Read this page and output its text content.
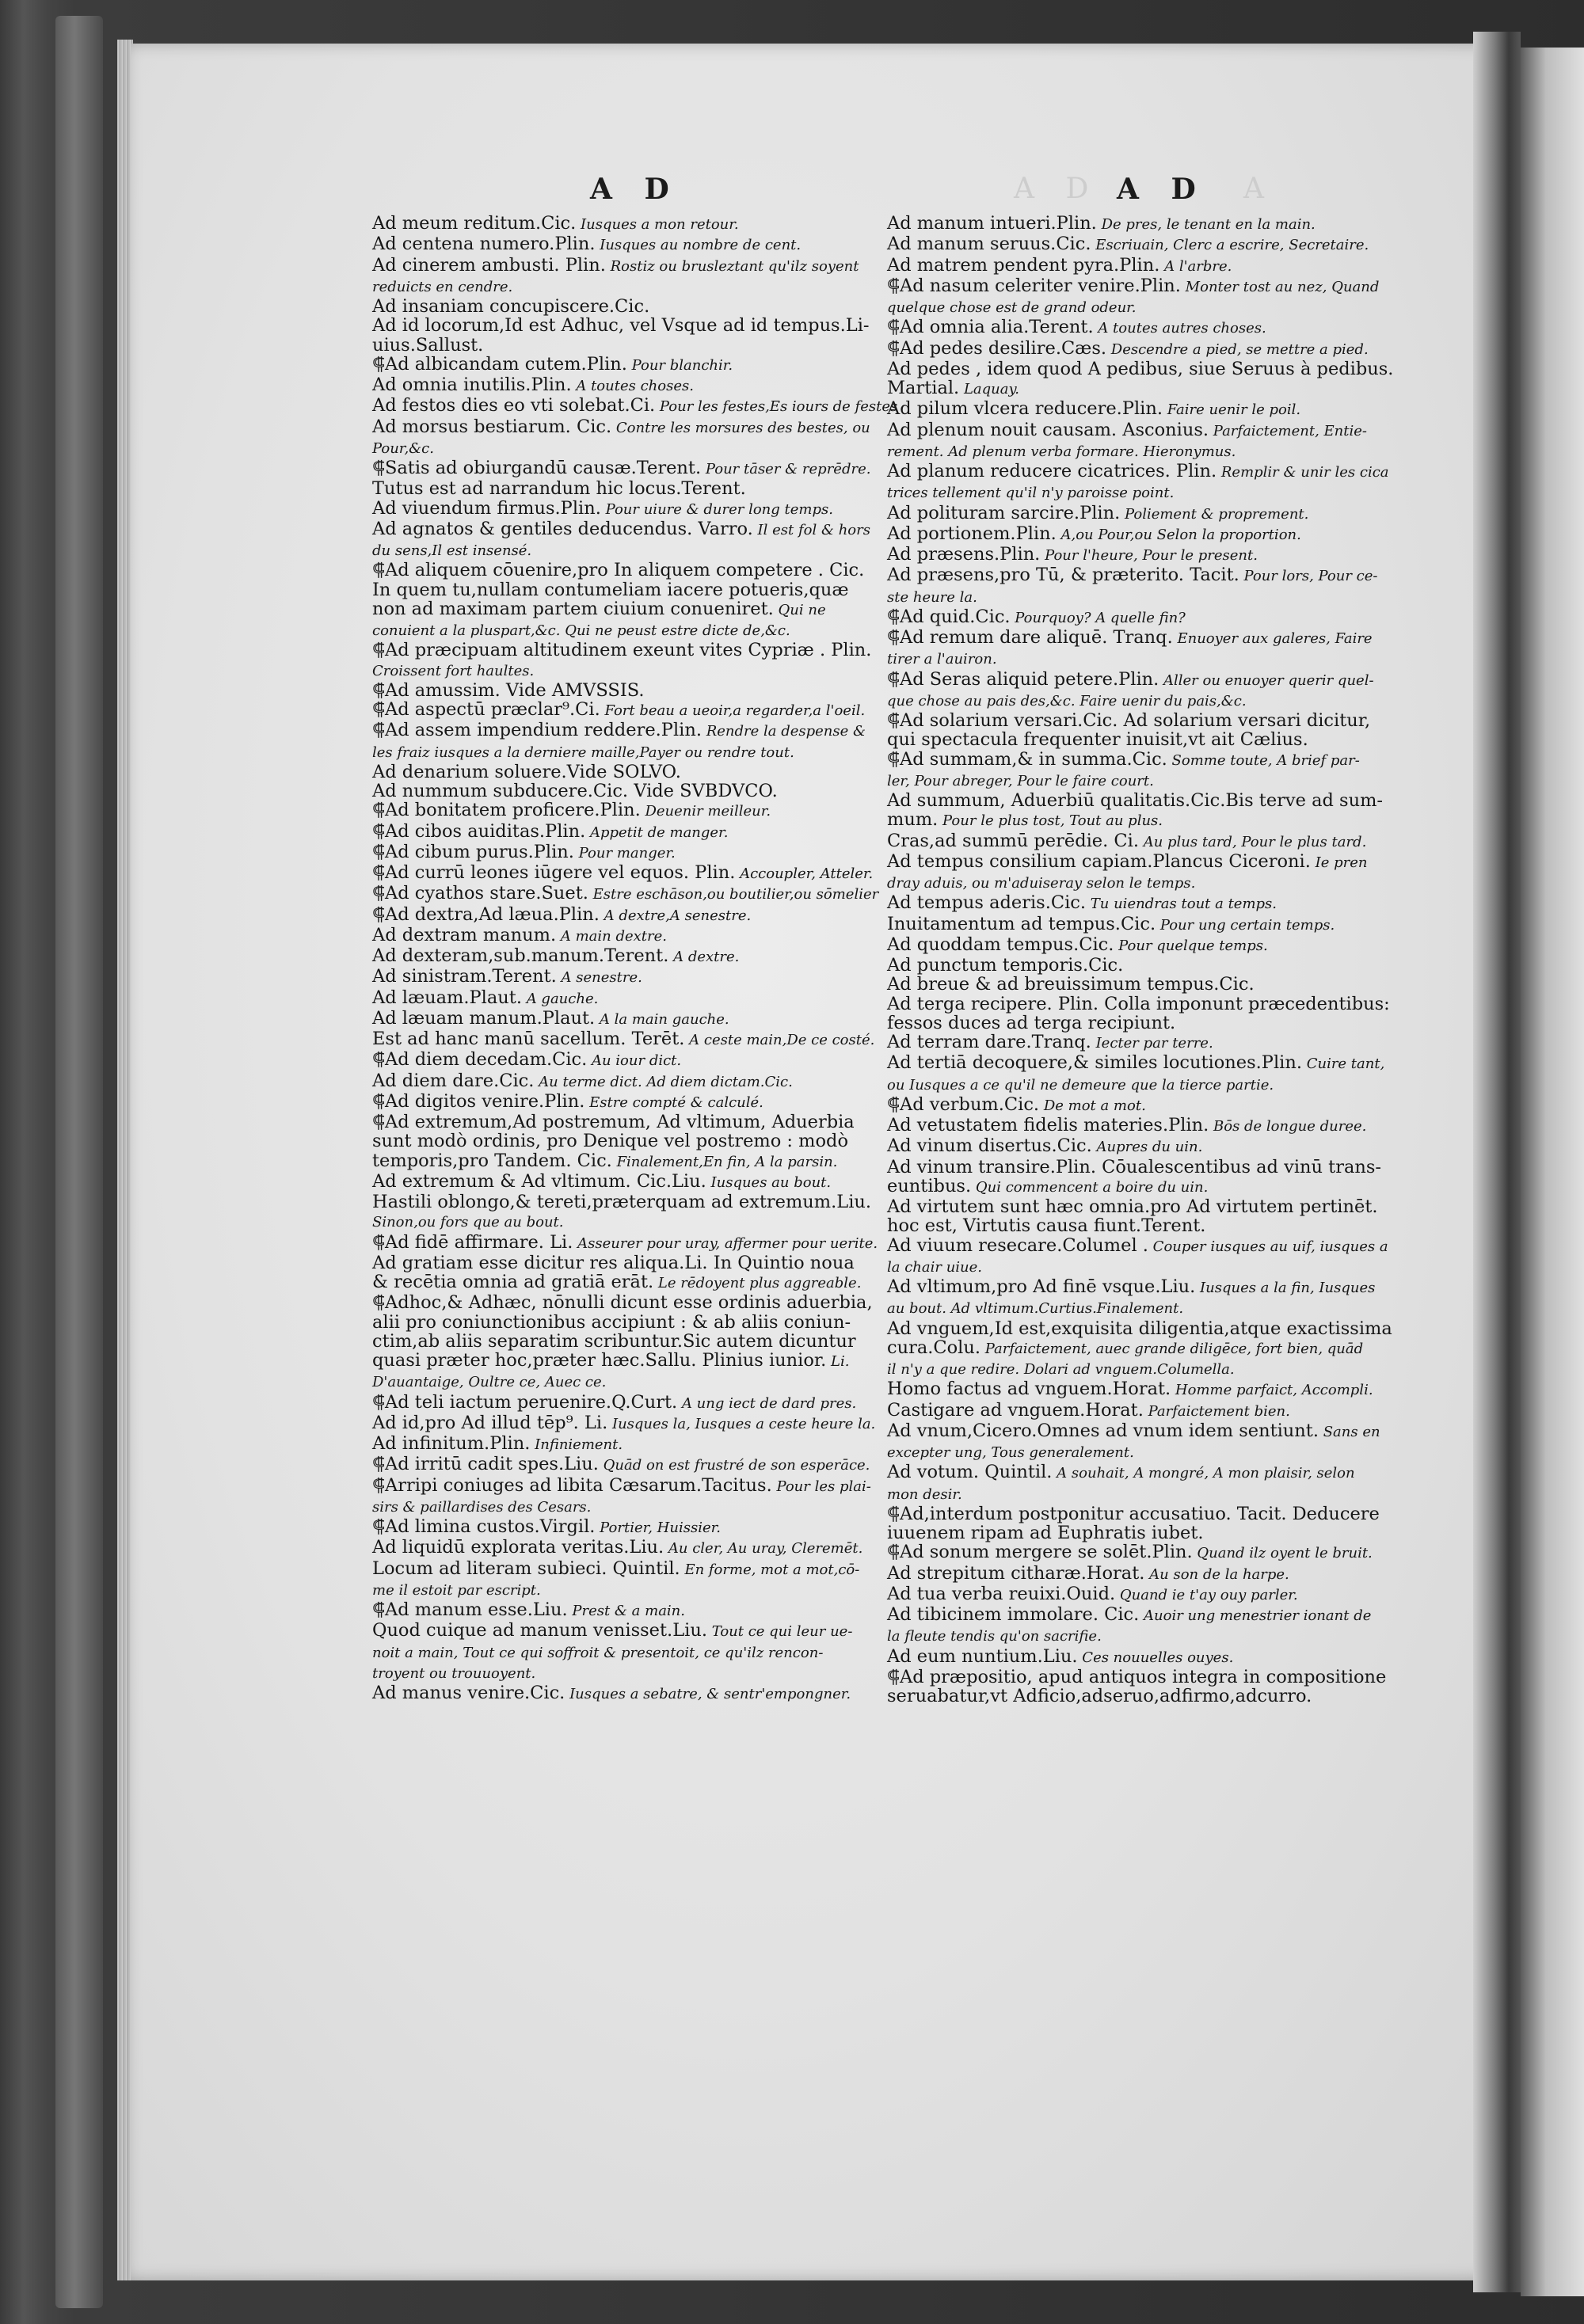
A D	A
A D	A D
Ad meum reditum.Cic. Iusques a mon retour.
Ad centena numero.Plin. Iusques au nombre de cent.
Ad cinerem ambusti. Plin. Rostiz ou brusleztant qu'ilz soyent
reduicts en cendre.
Ad insaniam concupiscere.Cic.
Ad id locorum,Id est Adhuc, vel Vsque ad id tempus.Li-
uius.Sallust.
⸿Ad albicandam cutem.Plin. Pour blanchir.
Ad omnia inutilis.Plin. A toutes choses.
Ad festos dies eo vti solebat.Ci. Pour les festes,Es iours de festes
Ad morsus bestiarum. Cic. Contre les morsures des bestes, ou
Pour,&c.
⸿Satis ad obiurgandū causæ.Terent. Pour tāser & reprēdre.
Tutus est ad narrandum hic locus.Terent.
Ad viuendum firmus.Plin. Pour uiure & durer long temps.
Ad agnatos & gentiles deducendus. Varro. Il est fol & hors
du sens,Il est insensé.
⸿Ad aliquem cōuenire,pro In aliquem competere . Cic.
In quem tu,nullam contumeliam iacere potueris,quæ
non ad maximam partem ciuium conueniret. Qui ne
conuient a la pluspart,&c. Qui ne peust estre dicte de,&c.
⸿Ad præcipuam altitudinem exeunt vites Cypriæ . Plin.
Croissent fort haultes.
⸿Ad amussim. Vide AMVSSIS.
⸿Ad aspectū præclar⁹.Ci. Fort beau a ueoir,a regarder,a l'oeil.
⸿Ad assem impendium reddere.Plin. Rendre la despense &
les fraiz iusques a la derniere maille,Payer ou rendre tout.
Ad denarium soluere.Vide SOLVO.
Ad nummum subducere.Cic. Vide SVBDVCO.
⸿Ad bonitatem proficere.Plin. Deuenir meilleur.
⸿Ad cibos auiditas.Plin. Appetit de manger.
⸿Ad cibum purus.Plin. Pour manger.
⸿Ad currū leones iūgere vel equos. Plin. Accoupler, Atteler.
⸿Ad cyathos stare.Suet. Estre eschāson,ou boutilier,ou sōmelier
⸿Ad dextra,Ad læua.Plin. A dextre,A senestre.
Ad dextram manum. A main dextre.
Ad dexteram,sub.manum.Terent. A dextre.
Ad sinistram.Terent. A senestre.
Ad læuam.Plaut. A gauche.
Ad læuam manum.Plaut. A la main gauche.
Est ad hanc manū sacellum. Terēt. A ceste main,De ce costé.
⸿Ad diem decedam.Cic. Au iour dict.
Ad diem dare.Cic. Au terme dict. Ad diem dictam.Cic.
⸿Ad digitos venire.Plin. Estre compté & calculé.
⸿Ad extremum,Ad postremum, Ad vltimum, Aduerbia
sunt modò ordinis, pro Denique vel postremo : modò
temporis,pro Tandem. Cic. Finalement,En fin, A la parsin.
Ad extremum & Ad vltimum. Cic.Liu. Iusques au bout.
Hastili oblongo,& tereti,præterquam ad extremum.Liu.
Sinon,ou fors que au bout.
⸿Ad fidē affirmare. Li. Asseurer pour uray, affermer pour uerite.
Ad gratiam esse dicitur res aliqua.Li. In Quintio noua
& recētia omnia ad gratiā erāt. Le rēdoyent plus aggreable.
⸿Adhoc,& Adhæc, nōnulli dicunt esse ordinis aduerbia,
alii pro coniunctionibus accipiunt : & ab aliis coniun-
ctim,ab aliis separatim scribuntur.Sic autem dicuntur
quasi præter hoc,præter hæc.Sallu. Plinius iunior. Li.
D'auantaige, Oultre ce, Auec ce.
⸿Ad teli iactum peruenire.Q.Curt. A ung iect de dard pres.
Ad id,pro Ad illud tēp⁹. Li. Iusques la, Iusques a ceste heure la.
Ad infinitum.Plin. Infiniement.
⸿Ad irritū cadit spes.Liu. Quād on est frustré de son esperāce.
⸿Arripi coniuges ad libita Cæsarum.Tacitus. Pour les plai-
sirs & paillardises des Cesars.
⸿Ad limina custos.Virgil. Portier, Huissier.
Ad liquidū explorata veritas.Liu. Au cler, Au uray, Cleremēt.
Locum ad literam subieci. Quintil. En forme, mot a mot,cō-
me il estoit par escript.
⸿Ad manum esse.Liu. Prest & a main.
Quod cuique ad manum venisset.Liu. Tout ce qui leur ue-
noit a main, Tout ce qui soffroit & presentoit, ce qu'ilz rencon-
troyent ou trouuoyent.
Ad manus venire.Cic. Iusques a sebatre, & sentr'empongner.
Ad manum intueri.Plin. De pres, le tenant en la main.
Ad manum seruus.Cic. Escriuain, Clerc a escrire, Secretaire.
Ad matrem pendent pyra.Plin. A l'arbre.
⸿Ad nasum celeriter venire.Plin. Monter tost au nez, Quand
quelque chose est de grand odeur.
⸿Ad omnia alia.Terent. A toutes autres choses.
⸿Ad pedes desilire.Cæs. Descendre a pied, se mettre a pied.
Ad pedes , idem quod A pedibus, siue Seruus à pedibus.
Martial. Laquay.
Ad pilum vlcera reducere.Plin. Faire uenir le poil.
Ad plenum nouit causam. Asconius. Parfaictement, Entie-
rement. Ad plenum verba formare. Hieronymus.
Ad planum reducere cicatrices. Plin. Remplir & unir les cica
trices tellement qu'il n'y paroisse point.
Ad polituram sarcire.Plin. Poliement & proprement.
Ad portionem.Plin. A,ou Pour,ou Selon la proportion.
Ad præsens.Plin. Pour l'heure, Pour le present.
Ad præsens,pro Tū, & præterito. Tacit. Pour lors, Pour ce-
ste heure la.
⸿Ad quid.Cic. Pourquoy? A quelle fin?
⸿Ad remum dare aliquē. Tranq. Enuoyer aux galeres, Faire
tirer a l'auiron.
⸿Ad Seras aliquid petere.Plin. Aller ou enuoyer querir quel-
que chose au pais des,&c. Faire uenir du pais,&c.
⸿Ad solarium versari.Cic. Ad solarium versari dicitur,
qui spectacula frequenter inuisit,vt ait Cælius.
⸿Ad summam,& in summa.Cic. Somme toute, A brief par-
ler, Pour abreger, Pour le faire court.
Ad summum, Aduerbiū qualitatis.Cic.Bis terve ad sum-
mum. Pour le plus tost, Tout au plus.
Cras,ad summū perēdie. Ci. Au plus tard, Pour le plus tard.
Ad tempus consilium capiam.Plancus Ciceroni. Ie pren
dray aduis, ou m'aduiseray selon le temps.
Ad tempus aderis.Cic. Tu uiendras tout a temps.
Inuitamentum ad tempus.Cic. Pour ung certain temps.
Ad quoddam tempus.Cic. Pour quelque temps.
Ad punctum temporis.Cic.
Ad breue & ad breuissimum tempus.Cic.
Ad terga recipere. Plin. Colla imponunt præcedentibus:
fessos duces ad terga recipiunt.
Ad terram dare.Tranq. Iecter par terre.
Ad tertiā decoquere,& similes locutiones.Plin. Cuire tant,
ou Iusques a ce qu'il ne demeure que la tierce partie.
⸿Ad verbum.Cic. De mot a mot.
Ad vetustatem fidelis materies.Plin. Bōs de longue duree.
Ad vinum disertus.Cic. Aupres du uin.
Ad vinum transire.Plin. Cōualescentibus ad vinū trans-
euntibus. Qui commencent a boire du uin.
Ad virtutem sunt hæc omnia.pro Ad virtutem pertinēt.
hoc est, Virtutis causa fiunt.Terent.
Ad viuum resecare.Columel . Couper iusques au uif, iusques a
la chair uiue.
Ad vltimum,pro Ad finē vsque.Liu. Iusques a la fin, Iusques
au bout. Ad vltimum.Curtius.Finalement.
Ad vnguem,Id est,exquisita diligentia,atque exactissima
cura.Colu. Parfaictement, auec grande diligēce, fort bien, quād
il n'y a que redire. Dolari ad vnguem.Columella.
Homo factus ad vnguem.Horat. Homme parfaict, Accompli.
Castigare ad vnguem.Horat. Parfaictement bien.
Ad vnum,Cicero.Omnes ad vnum idem sentiunt. Sans en
excepter ung, Tous generalement.
Ad votum. Quintil. A souhait, A mongré, A mon plaisir, selon
mon desir.
⸿Ad,interdum postponitur accusatiuo. Tacit. Deducere
iuuenem ripam ad Euphratis iubet.
⸿Ad sonum mergere se solēt.Plin. Quand ilz oyent le bruit.
Ad strepitum citharæ.Horat. Au son de la harpe.
Ad tua verba reuixi.Ouid. Quand ie t'ay ouy parler.
Ad tibicinem immolare. Cic. Auoir ung menestrier ionant de
la fleute tendis qu'on sacrifie.
Ad eum nuntium.Liu. Ces nouuelles ouyes.
⸿Ad præpositio, apud antiquos integra in compositione
seruabatur,vt Adficio,adseruo,adfirmo,adcurro.
